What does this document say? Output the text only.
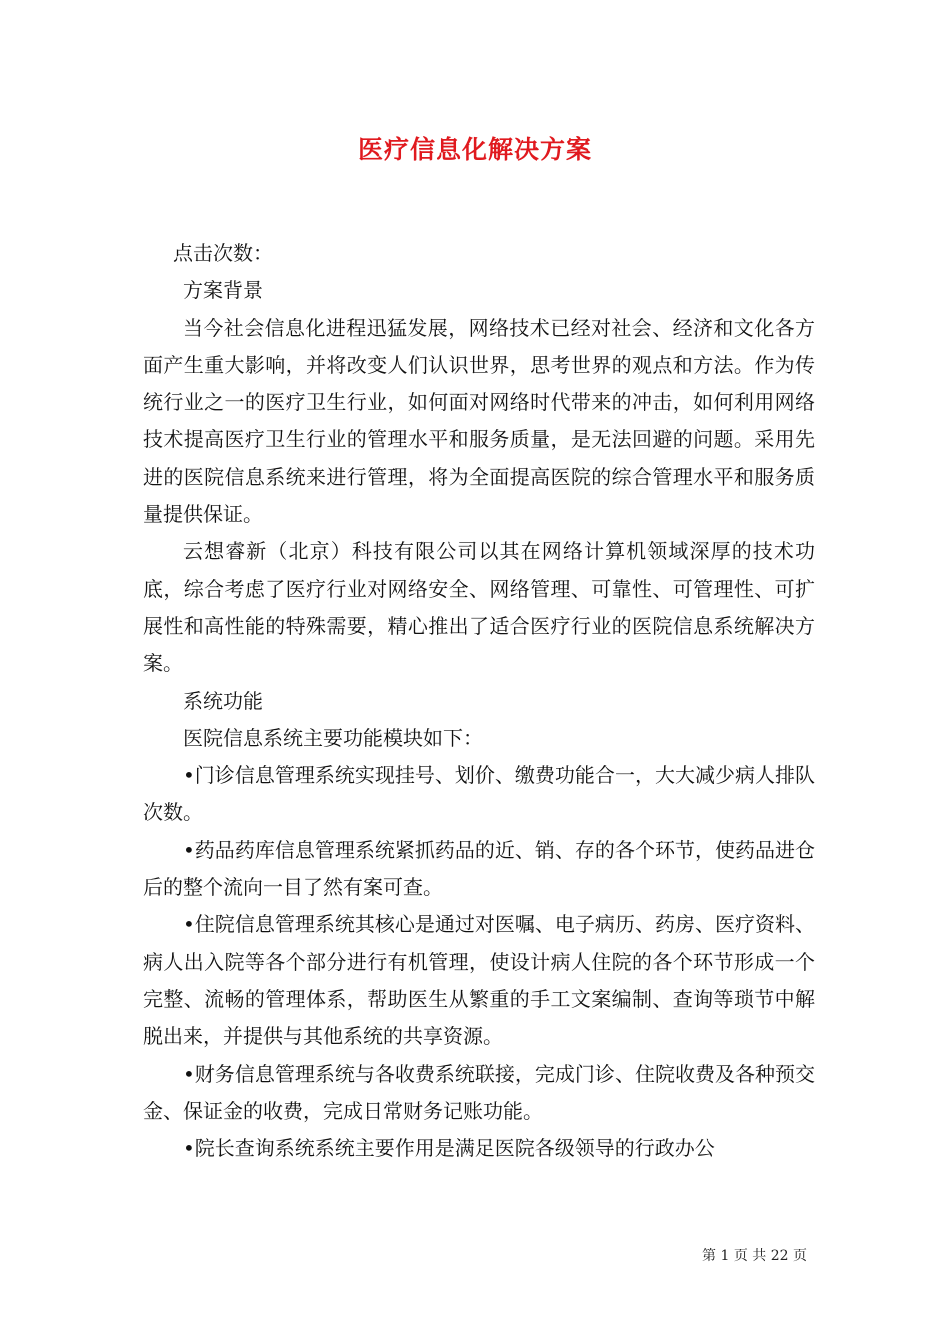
医疗信息化解决方案

点击次数：

方案背景

当今社会信息化进程迅猛发展，网络技术已经对社会、经济和文化各方面产生重大影响，并将改变人们认识世界，思考世界的观点和方法。作为传统行业之一的医疗卫生行业，如何面对网络时代带来的冲击，如何利用网络技术提高医疗卫生行业的管理水平和服务质量，是无法回避的问题。采用先进的医院信息系统来进行管理，将为全面提高医院的综合管理水平和服务质量提供保证。

云想睿新（北京）科技有限公司以其在网络计算机领域深厚的技术功底，综合考虑了医疗行业对网络安全、网络管理、可靠性、可管理性、可扩展性和高性能的特殊需要，精心推出了适合医疗行业的医院信息系统解决方案。

系统功能

医院信息系统主要功能模块如下：

•门诊信息管理系统实现挂号、划价、缴费功能合一，大大减少病人排队次数。

•药品药库信息管理系统紧抓药品的近、销、存的各个环节，使药品进仓后的整个流向一目了然有案可查。

•住院信息管理系统其核心是通过对医嘱、电子病历、药房、医疗资料、病人出入院等各个部分进行有机管理，使设计病人住院的各个环节形成一个完整、流畅的管理体系，帮助医生从繁重的手工文案编制、查询等琐节中解脱出来，并提供与其他系统的共享资源。

•财务信息管理系统与各收费系统联接，完成门诊、住院收费及各种预交金、保证金的收费，完成日常财务记账功能。

•院长查询系统系统主要作用是满足医院各级领导的行政办公

第 1 页 共 22 页
